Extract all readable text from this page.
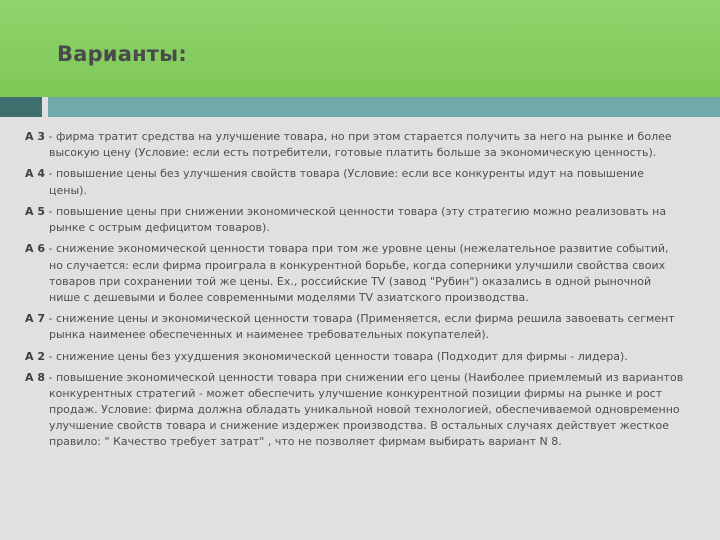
Варианты:

А 3 - фирма тратит средства на улучшение товара, но при этом старается получить за него на рынке и более высокую цену (Условие: если есть потребители, готовые платить больше за экономическую ценность).

А 4 - повышение цены без улучшения свойств товара (Условие: если все конкуренты идут на повышение цены).

А 5 - повышение цены при снижении экономической ценности товара (эту стратегию можно реализовать на рынке с острым дефицитом товаров).

А 6 - снижение экономической ценности товара при том же уровне цены (нежелательное развитие событий, но случается: если фирма проиграла в конкурентной борьбе, когда соперники улучшили свойства своих товаров при сохранении той же цены. Ex., российские TV (завод "Рубин") оказались в одной рыночной нише с дешевыми и более современными моделями TV азиатского производства.

А 7 - снижение цены и экономической ценности товара (Применяется, если фирма решила завоевать сегмент рынка наименее обеспеченных и наименее требовательных покупателей).

А 2 - снижение цены без ухудшения экономической ценности товара (Подходит для фирмы - лидера).

А 8 - повышение экономической ценности товара при снижении его цены (Наиболее приемлемый из вариантов конкурентных стратегий - может обеспечить улучшение конкурентной позиции фирмы на рынке и рост продаж. Условие: фирма должна обладать уникальной новой технологией, обеспечиваемой одновременно улучшение свойств товара и снижение издержек производства. В остальных случаях действует жесткое правило: " Качество требует затрат" , что не позволяет фирмам выбирать вариант N 8.
